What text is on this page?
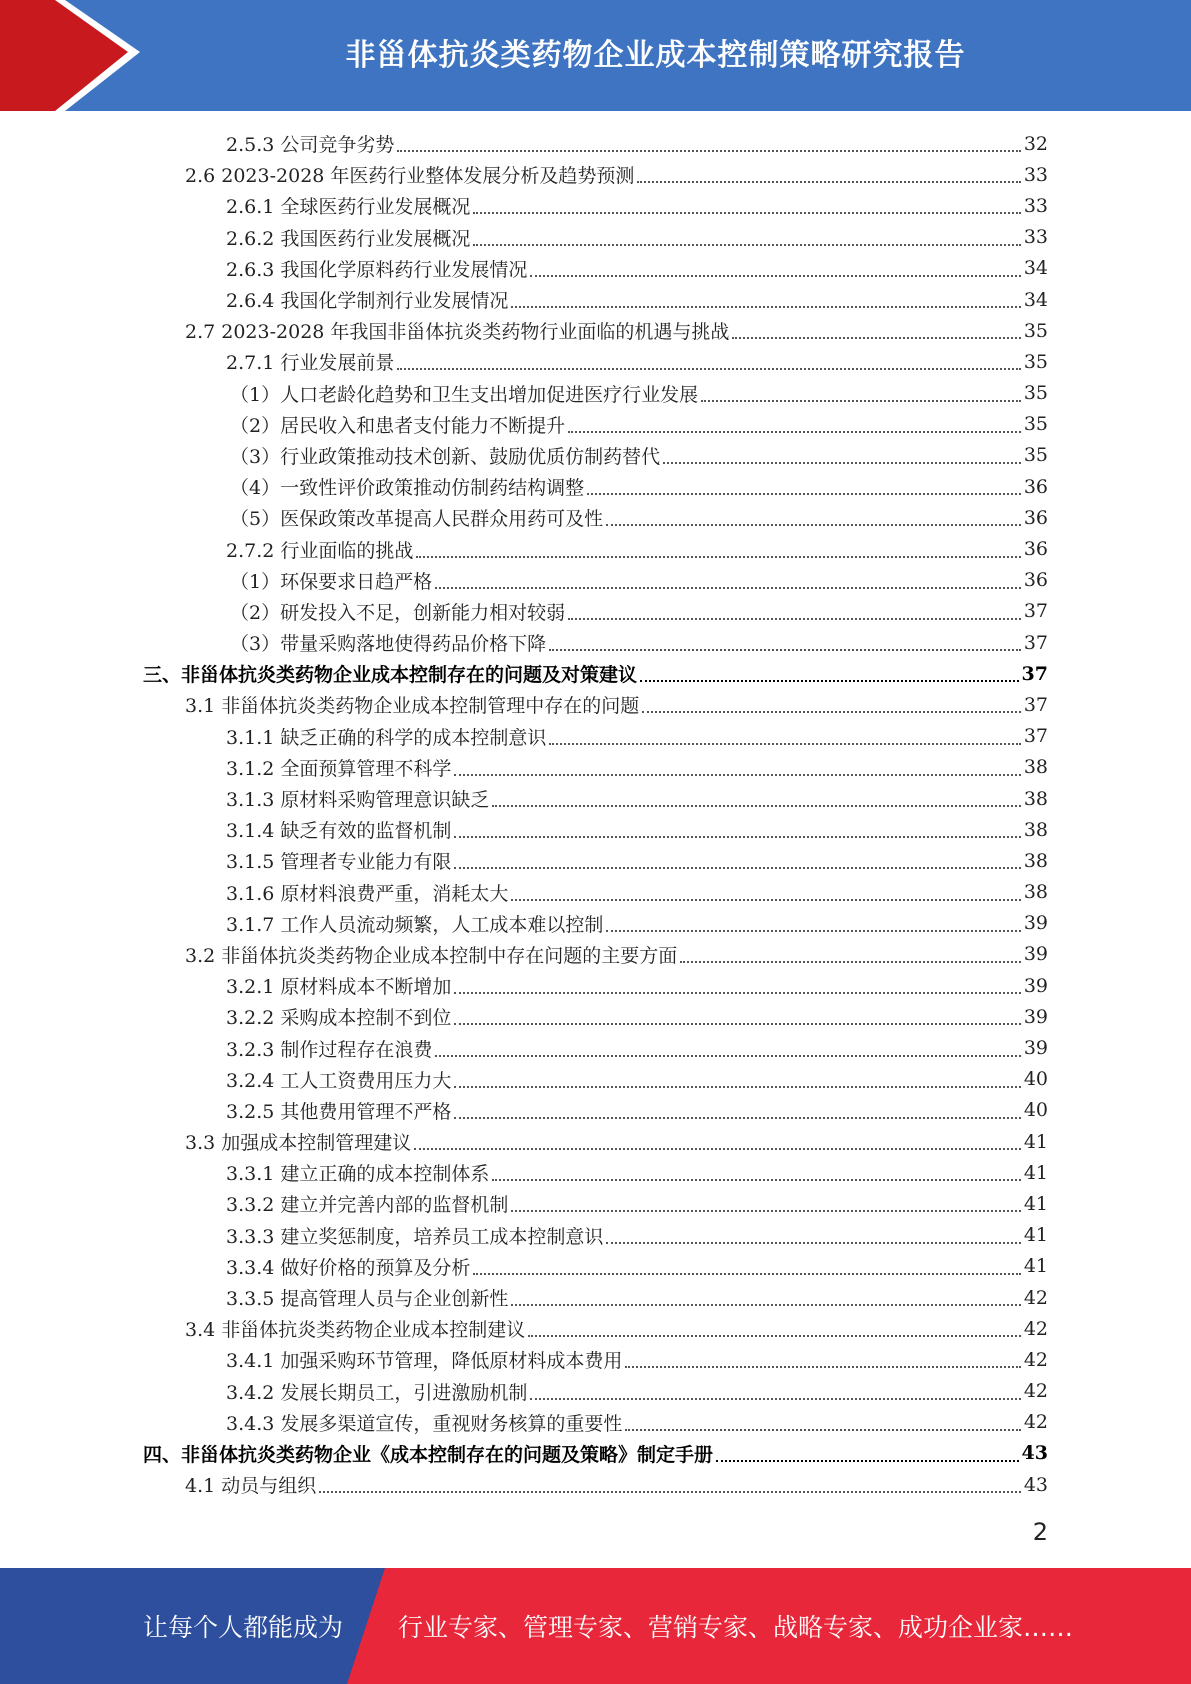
非甾体抗炎类药物企业成本控制策略研究报告
2.5.3 公司竞争劣势	32
2.6 2023-2028 年医药行业整体发展分析及趋势预测	33
2.6.1 全球医药行业发展概况	33
2.6.2 我国医药行业发展概况	33
2.6.3 我国化学原料药行业发展情况	34
2.6.4 我国化学制剂行业发展情况	34
2.7 2023-2028 年我国非甾体抗炎类药物行业面临的机遇与挑战	35
2.7.1 行业发展前景	35
（1）人口老龄化趋势和卫生支出增加促进医疗行业发展	35
（2）居民收入和患者支付能力不断提升	35
（3）行业政策推动技术创新、鼓励优质仿制药替代	35
（4）一致性评价政策推动仿制药结构调整	36
（5）医保政策改革提高人民群众用药可及性	36
2.7.2 行业面临的挑战	36
（1）环保要求日趋严格	36
（2）研发投入不足，创新能力相对较弱	37
（3）带量采购落地使得药品价格下降	37
三、非甾体抗炎类药物企业成本控制存在的问题及对策建议	37
3.1 非甾体抗炎类药物企业成本控制管理中存在的问题	37
3.1.1 缺乏正确的科学的成本控制意识	37
3.1.2 全面预算管理不科学	38
3.1.3 原材料采购管理意识缺乏	38
3.1.4 缺乏有效的监督机制	38
3.1.5 管理者专业能力有限	38
3.1.6 原材料浪费严重，消耗太大	38
3.1.7 工作人员流动频繁，人工成本难以控制	39
3.2 非甾体抗炎类药物企业成本控制中存在问题的主要方面	39
3.2.1 原材料成本不断增加	39
3.2.2 采购成本控制不到位	39
3.2.3 制作过程存在浪费	39
3.2.4 工人工资费用压力大	40
3.2.5 其他费用管理不严格	40
3.3 加强成本控制管理建议	41
3.3.1 建立正确的成本控制体系	41
3.3.2 建立并完善内部的监督机制	41
3.3.3 建立奖惩制度，培养员工成本控制意识	41
3.3.4 做好价格的预算及分析	41
3.3.5 提高管理人员与企业创新性	42
3.4 非甾体抗炎类药物企业成本控制建议	42
3.4.1 加强采购环节管理，降低原材料成本费用	42
3.4.2 发展长期员工，引进激励机制	42
3.4.3 发展多渠道宣传，重视财务核算的重要性	42
四、非甾体抗炎类药物企业《成本控制存在的问题及策略》制定手册	43
4.1 动员与组织	43
2
让每个人都能成为 行业专家、管理专家、营销专家、战略专家、成功企业家……
